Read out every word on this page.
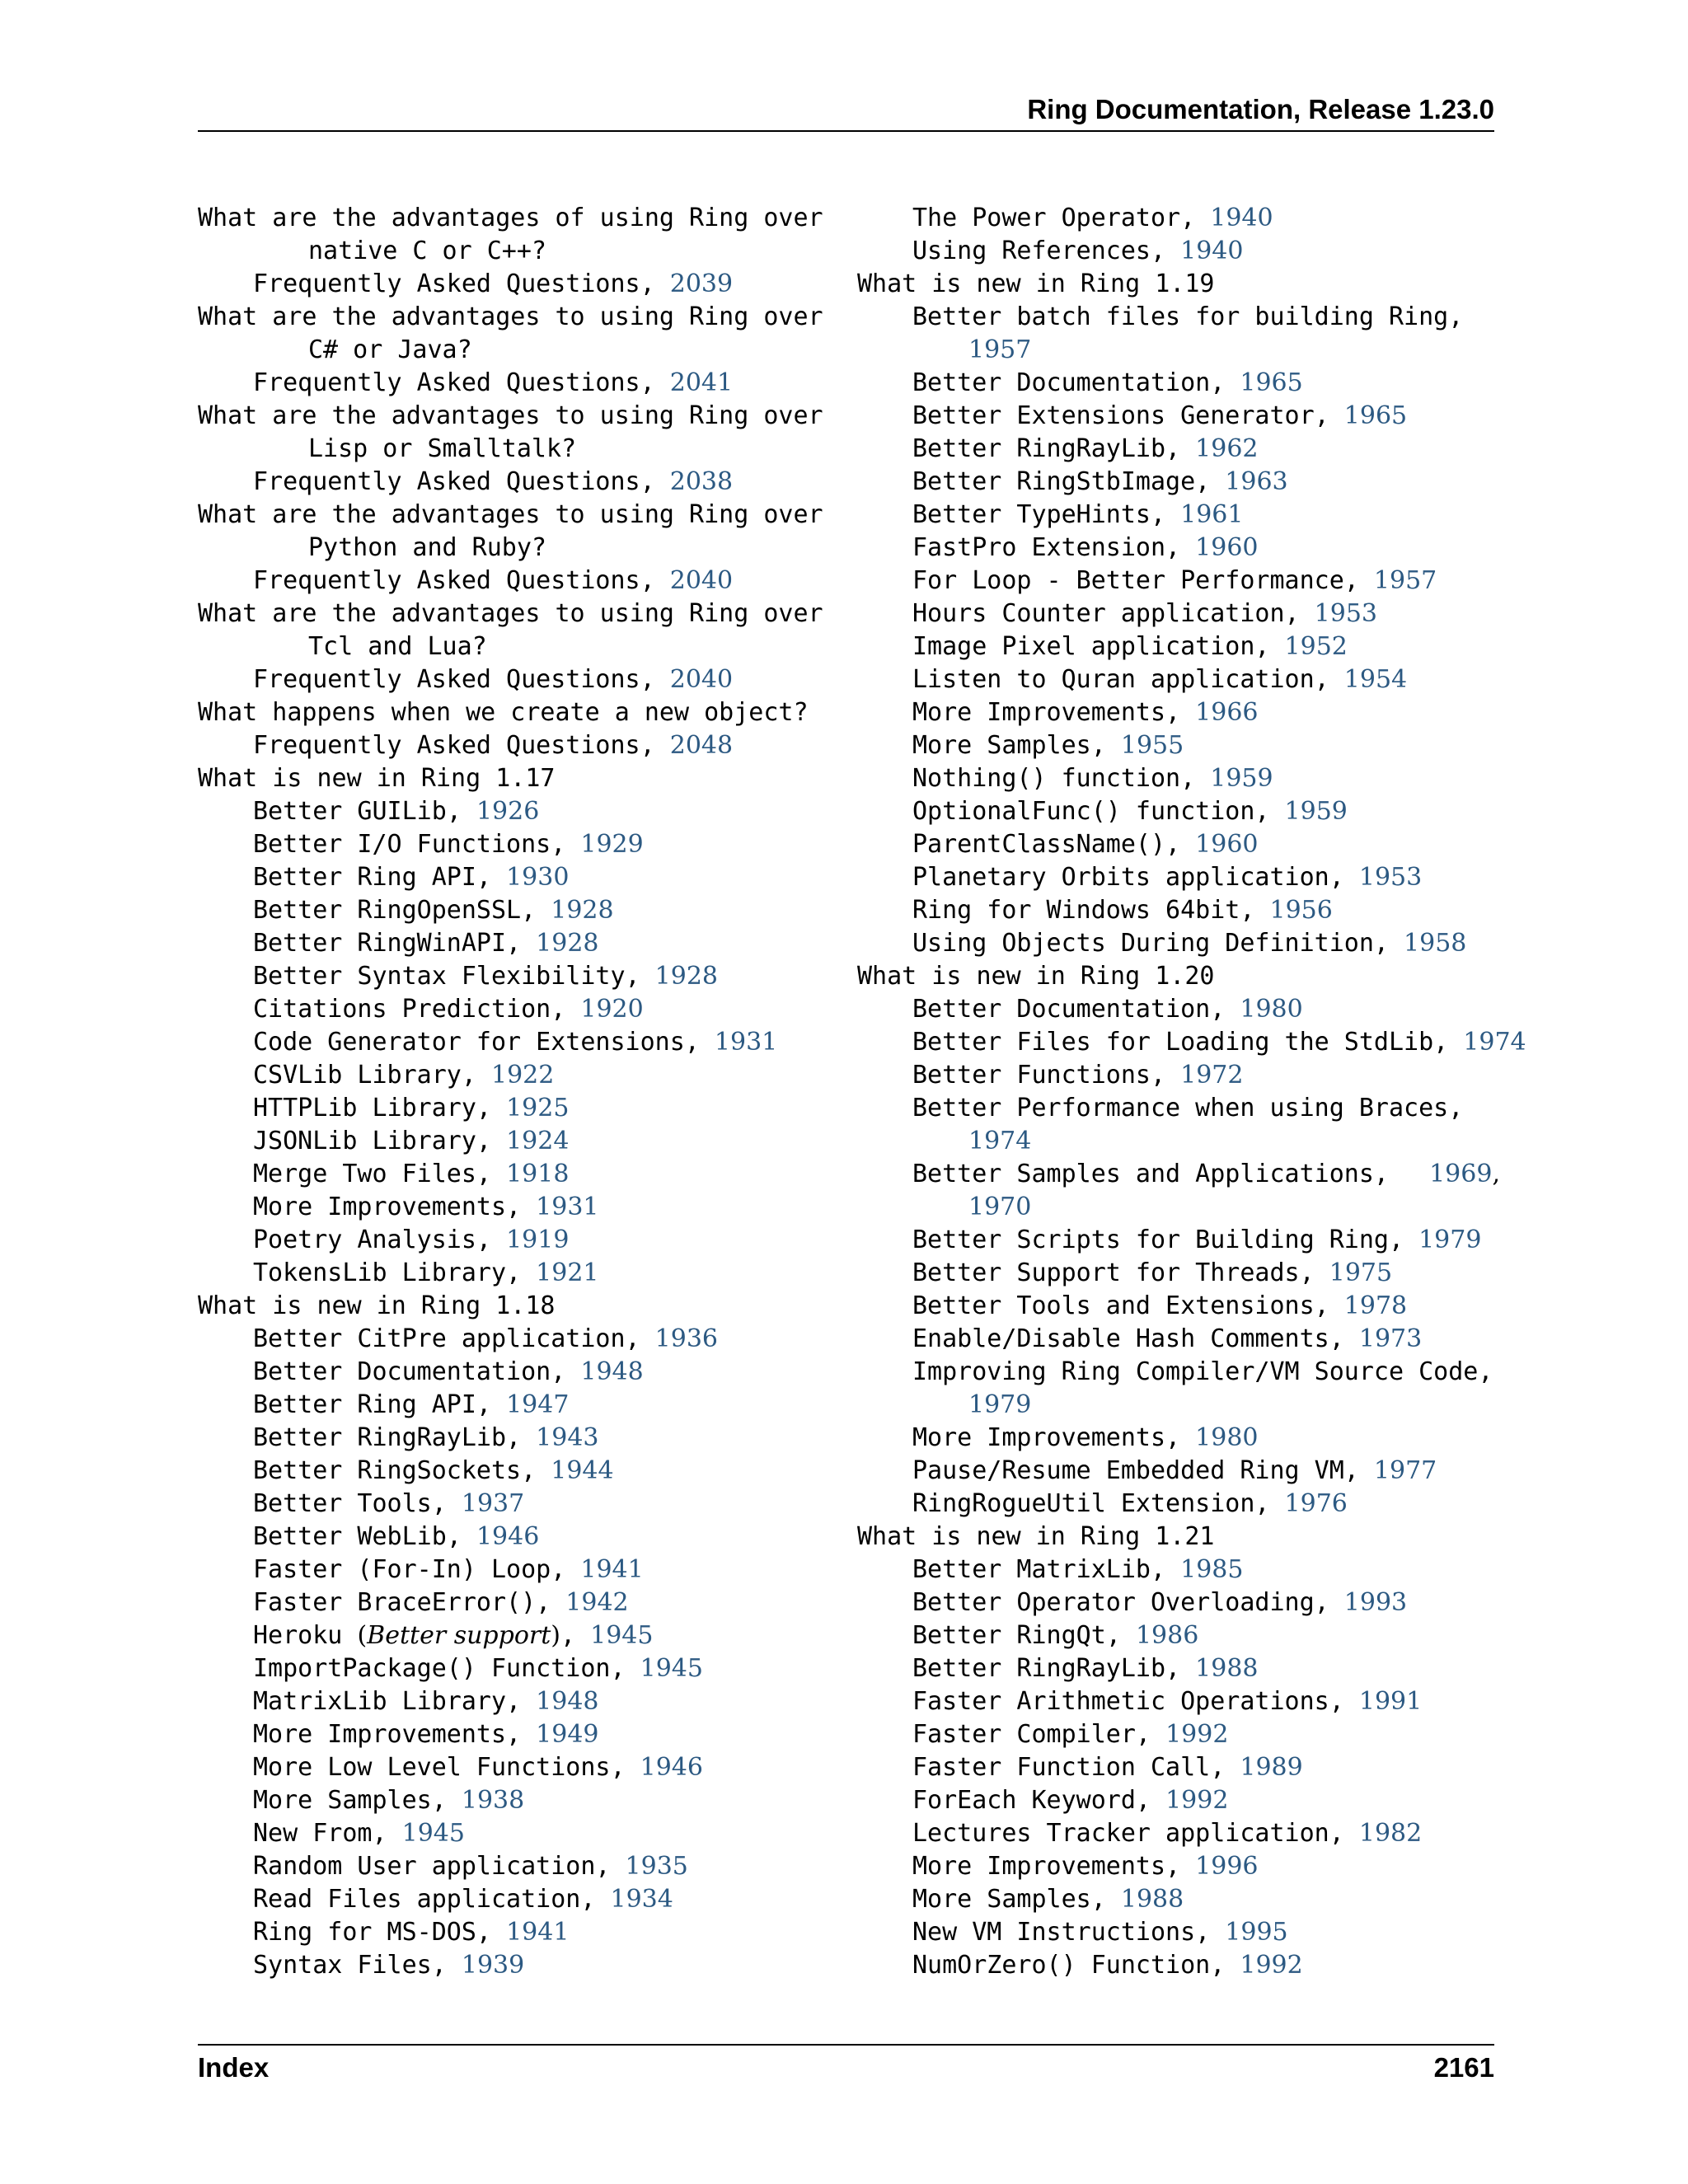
Ring Documentation, Release 1.23.0
What are the advantages of using Ring over
native C or C++?
Frequently Asked Questions, 2039
What are the advantages to using Ring over
C# or Java?
Frequently Asked Questions, 2041
What are the advantages to using Ring over
Lisp or Smalltalk?
Frequently Asked Questions, 2038
What are the advantages to using Ring over
Python and Ruby?
Frequently Asked Questions, 2040
What are the advantages to using Ring over
Tcl and Lua?
Frequently Asked Questions, 2040
What happens when we create a new object?
Frequently Asked Questions, 2048
What is new in Ring 1.17
Better GUILib, 1926
Better I/O Functions, 1929
Better Ring API, 1930
Better RingOpenSSL, 1928
Better RingWinAPI, 1928
Better Syntax Flexibility, 1928
Citations Prediction, 1920
Code Generator for Extensions, 1931
CSVLib Library, 1922
HTTPLib Library, 1925
JSONLib Library, 1924
Merge Two Files, 1918
More Improvements, 1931
Poetry Analysis, 1919
TokensLib Library, 1921
What is new in Ring 1.18
Better CitPre application, 1936
Better Documentation, 1948
Better Ring API, 1947
Better RingRayLib, 1943
Better RingSockets, 1944
Better Tools, 1937
Better WebLib, 1946
Faster (For-In) Loop, 1941
Faster BraceError(), 1942
Heroku (Better support), 1945
ImportPackage() Function, 1945
MatrixLib Library, 1948
More Improvements, 1949
More Low Level Functions, 1946
More Samples, 1938
New From, 1945
Random User application, 1935
Read Files application, 1934
Ring for MS-DOS, 1941
Syntax Files, 1939
The Power Operator, 1940
Using References, 1940
What is new in Ring 1.19
Better batch files for building Ring,
1957
Better Documentation, 1965
Better Extensions Generator, 1965
Better RingRayLib, 1962
Better RingStbImage, 1963
Better TypeHints, 1961
FastPro Extension, 1960
For Loop - Better Performance, 1957
Hours Counter application, 1953
Image Pixel application, 1952
Listen to Quran application, 1954
More Improvements, 1966
More Samples, 1955
Nothing() function, 1959
OptionalFunc() function, 1959
ParentClassName(), 1960
Planetary Orbits application, 1953
Ring for Windows 64bit, 1956
Using Objects During Definition, 1958
What is new in Ring 1.20
Better Documentation, 1980
Better Files for Loading the StdLib, 1974
Better Functions, 1972
Better Performance when using Braces,
1974
Better Samples and Applications, 1969,
1970
Better Scripts for Building Ring, 1979
Better Support for Threads, 1975
Better Tools and Extensions, 1978
Enable/Disable Hash Comments, 1973
Improving Ring Compiler/VM Source Code,
1979
More Improvements, 1980
Pause/Resume Embedded Ring VM, 1977
RingRogueUtil Extension, 1976
What is new in Ring 1.21
Better MatrixLib, 1985
Better Operator Overloading, 1993
Better RingQt, 1986
Better RingRayLib, 1988
Faster Arithmetic Operations, 1991
Faster Compiler, 1992
Faster Function Call, 1989
ForEach Keyword, 1992
Lectures Tracker application, 1982
More Improvements, 1996
More Samples, 1988
New VM Instructions, 1995
NumOrZero() Function, 1992
Index	2161
